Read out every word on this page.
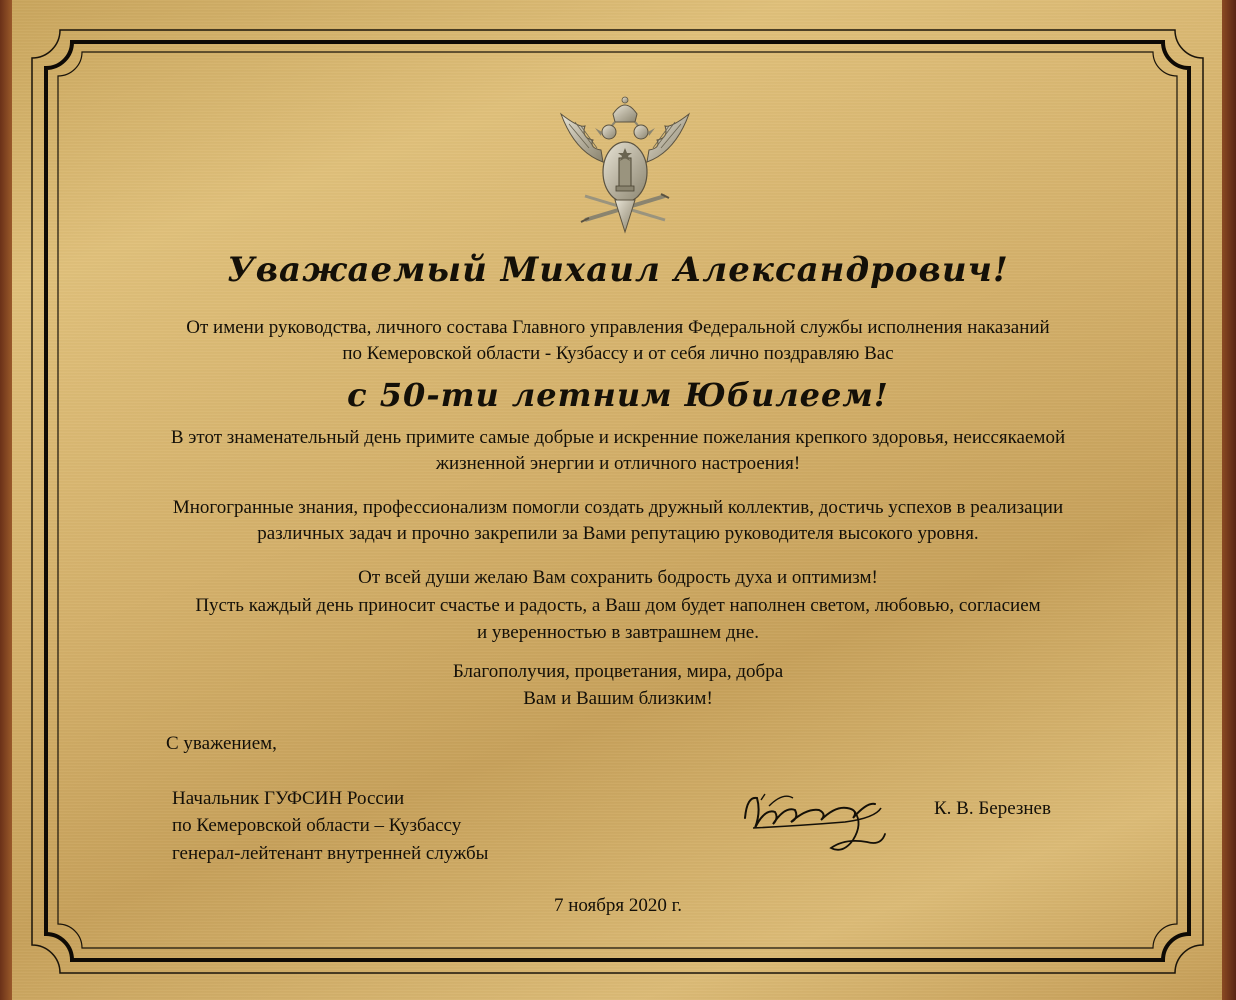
Уважаемый Михаил Александрович!

От имени руководства, личного состава Главного управления Федеральной службы исполнения наказаний

по Кемеровской области - Кузбассу и от себя лично поздравляю Вас

с 50-ти летним Юбилеем!

В этот знаменательный день примите самые добрые и искренние пожелания крепкого здоровья, неиссякаемой

жизненной энергии и отличного настроения!

Многогранные знания, профессионализм помогли создать дружный коллектив, достичь успехов в реализации

различных задач и прочно закрепили за Вами репутацию руководителя высокого уровня.

От всей души желаю Вам сохранить бодрость духа и оптимизм!

Пусть каждый день приносит счастье и радость, а Ваш дом будет наполнен светом, любовью, согласием

и уверенностью в завтрашнем дне.

Благополучия, процветания, мира, добра

Вам и Вашим близким!

С уважением,

Начальник ГУФСИН России

по Кемеровской области – Кузбассу

генерал-лейтенант внутренней службы

К. В. Березнев

7 ноября 2020 г.
